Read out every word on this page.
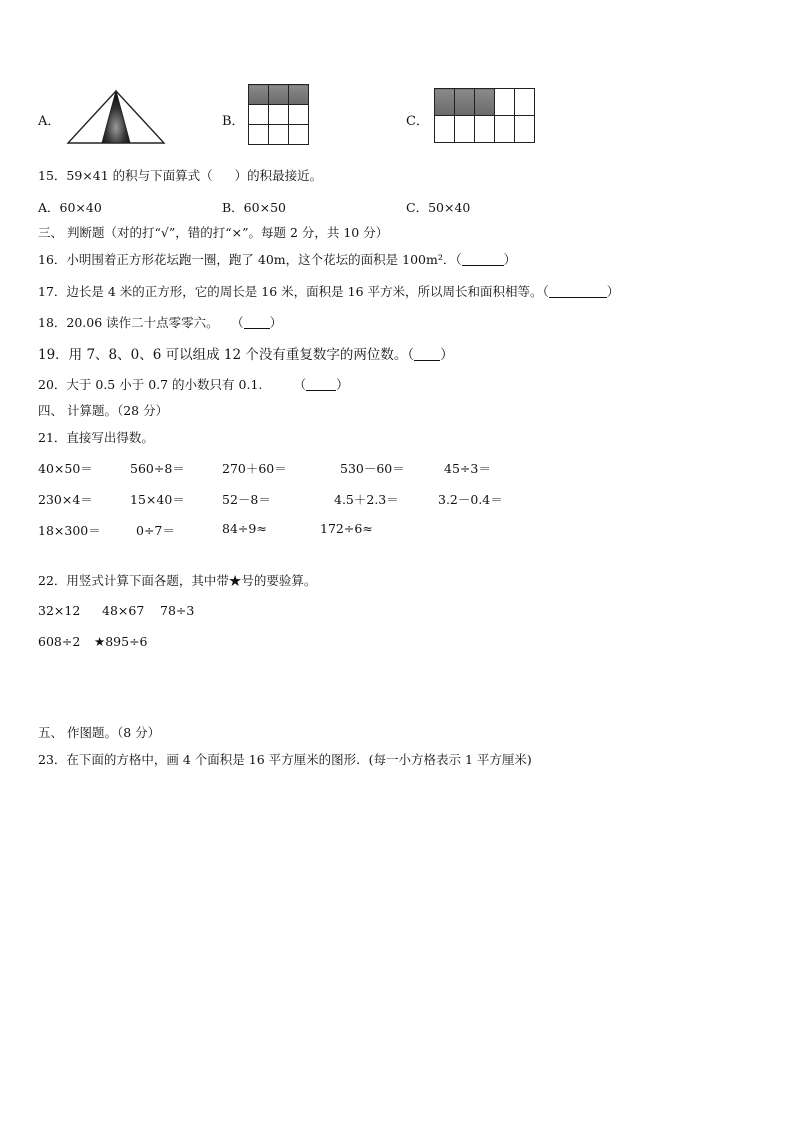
A．	B．

			C．

15．59×41 的积与下面算式（ ）的积最接近。
A．60×40	B．60×50	C．50×40
三、 判断题（对的打“√”，错的打“×”。每题 2 分，共 10 分）
16．小明围着正方形花坛跑一圈，跑了 40m，这个花坛的面积是 100m²．（	）
17．边长是 4 米的正方形，它的周长是 16 米，面积是 16 平方米，所以周长和面积相等。（	）
18．20.06 读作二十点零零六。　　（ ）
19．用 7、8、0、6 可以组成 12 个没有重复数字的两位数。（ ）
20．大于 0.5 小于 0.7 的小数只有 0.1.　　　（ ）
四、 计算题。（28 分）
21．直接写出得数。
40×50＝	560÷8＝	270＋60＝	530－60＝	45÷3＝
230×4＝	15×40＝	52－8＝	4.5＋2.3＝	3.2－0.4＝
18×300＝	0÷7＝	84÷9≈	172÷6≈
22．用竖式计算下面各题，其中带★号的要验算。
32×12 48×67 78÷3
608÷2 ★895÷6
五、 作图题。（8 分）
23．在下面的方格中，画 4 个面积是 16 平方厘米的图形．(每一小方格表示 1 平方厘米)
